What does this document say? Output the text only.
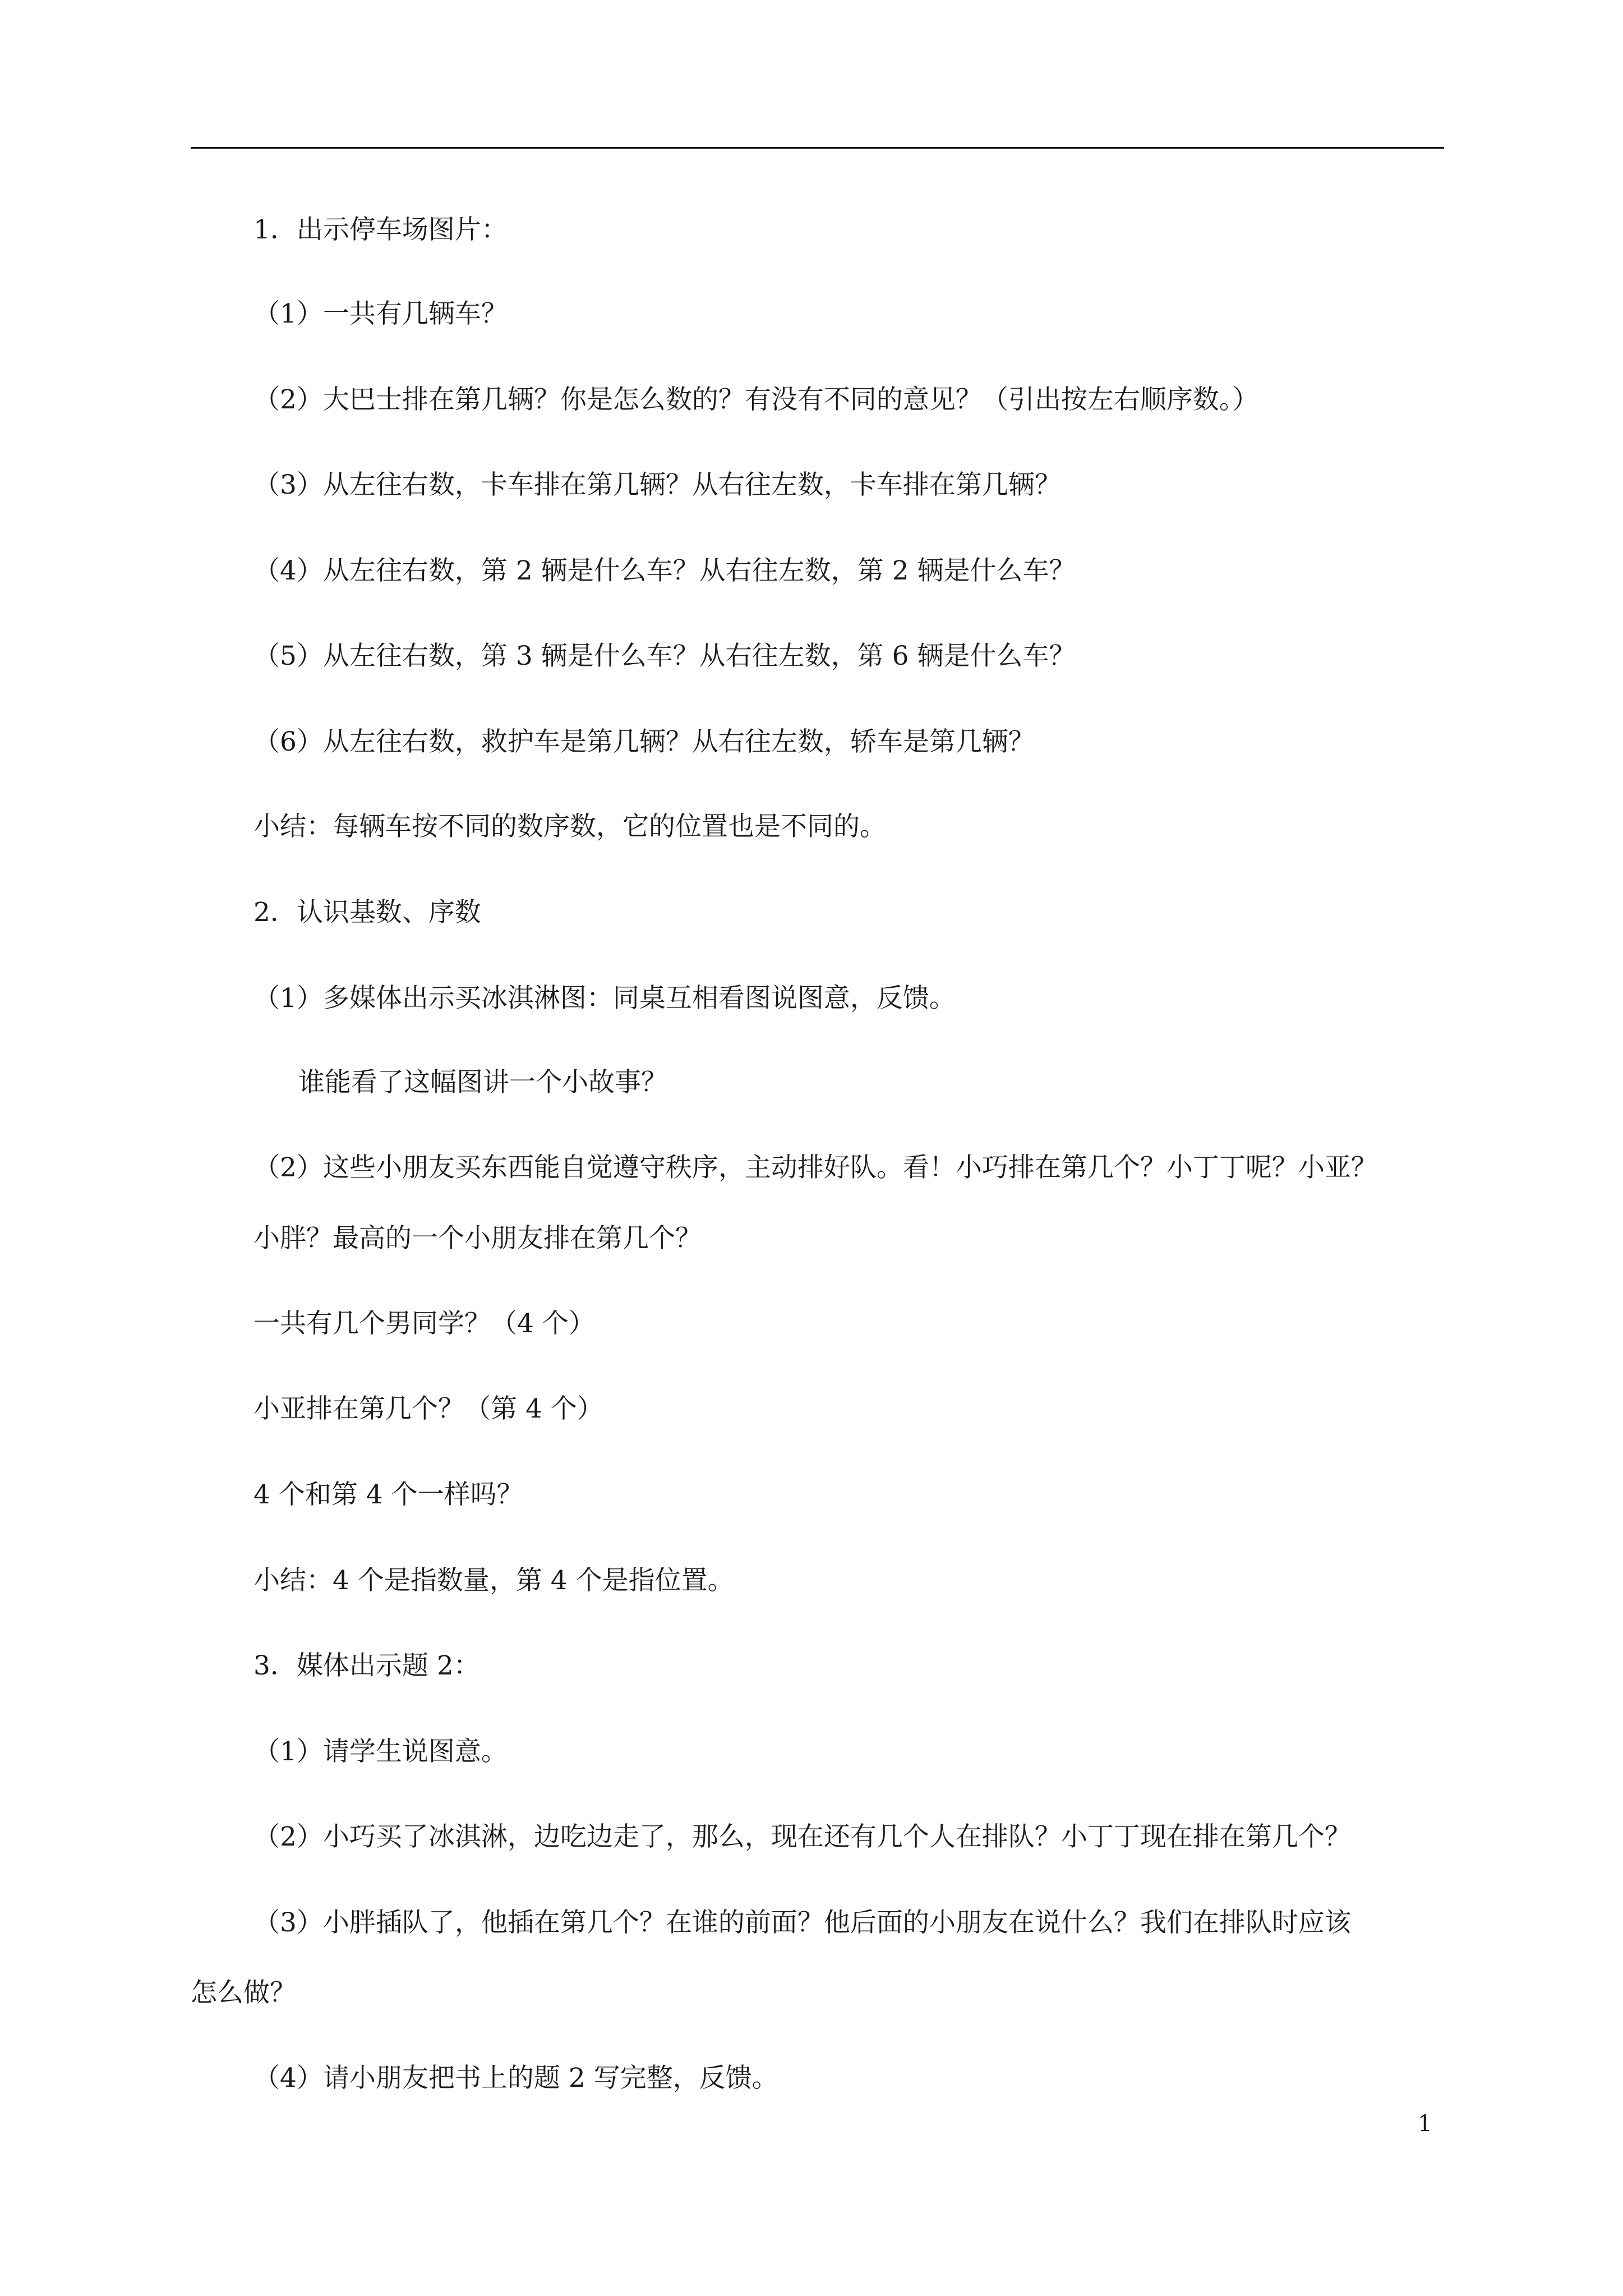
1．出示停车场图片：
（1）一共有几辆车？
（2）大巴士排在第几辆？你是怎么数的？有没有不同的意见？（引出按左右顺序数。）
（3）从左往右数，卡车排在第几辆？从右往左数，卡车排在第几辆？
（4）从左往右数，第 2 辆是什么车？从右往左数，第 2 辆是什么车？
（5）从左往右数，第 3 辆是什么车？从右往左数，第 6 辆是什么车？
（6）从左往右数，救护车是第几辆？从右往左数，轿车是第几辆？
小结：每辆车按不同的数序数，它的位置也是不同的。
2．认识基数、序数
（1）多媒体出示买冰淇淋图：同桌互相看图说图意，反馈。
谁能看了这幅图讲一个小故事？
（2）这些小朋友买东西能自觉遵守秩序，主动排好队。看！小巧排在第几个？小丁丁呢？小亚？
小胖？最高的一个小朋友排在第几个？
一共有几个男同学？（4 个）
小亚排在第几个？（第 4 个）
4 个和第 4 个一样吗？
小结：4 个是指数量，第 4 个是指位置。
3．媒体出示题 2：
（1）请学生说图意。
（2）小巧买了冰淇淋，边吃边走了，那么，现在还有几个人在排队？小丁丁现在排在第几个？
（3）小胖插队了，他插在第几个？在谁的前面？他后面的小朋友在说什么？我们在排队时应该
怎么做？
（4）请小朋友把书上的题 2 写完整，反馈。
1
